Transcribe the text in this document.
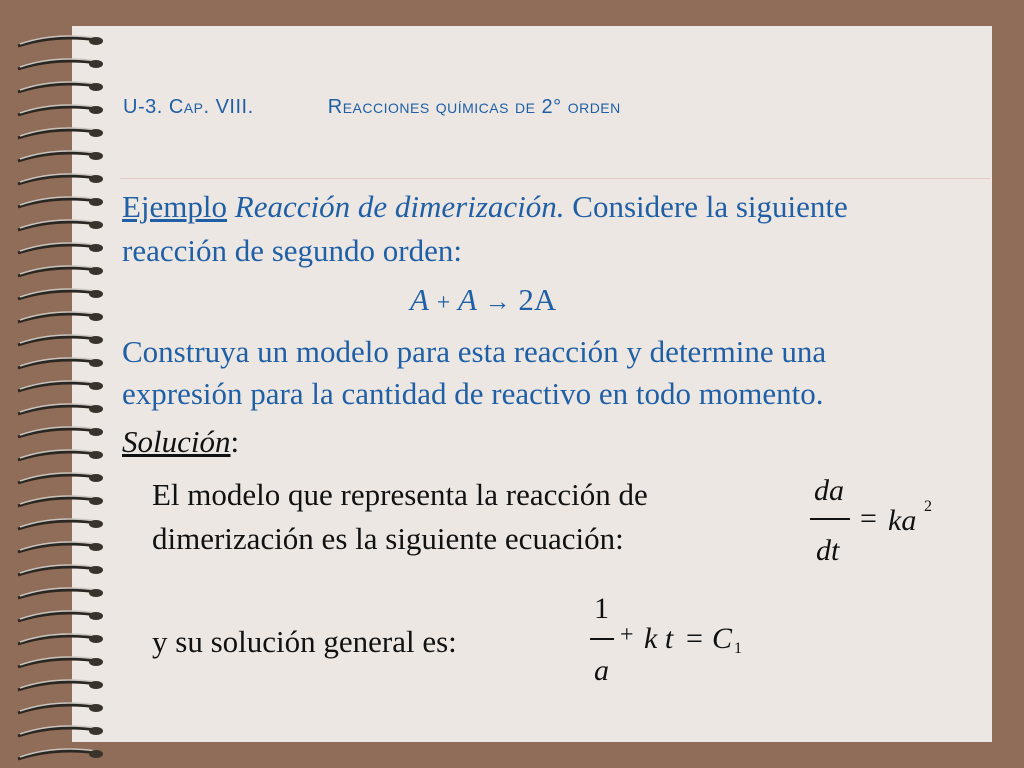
U-3. Cap. VIII.	Reacciones químicas de 2° orden
Ejemplo Reacción de dimerización. Considere la siguiente
reacción de segundo orden:
A + A → 2A
Construya un modelo para esta reacción y determine una
expresión para la cantidad de reactivo en todo momento.
Solución:
El modelo que representa la reacción de
dimerización es la siguiente ecuación:
da
dt
= ka 2
y su solución general es:
1
a
+ k t = C 1
